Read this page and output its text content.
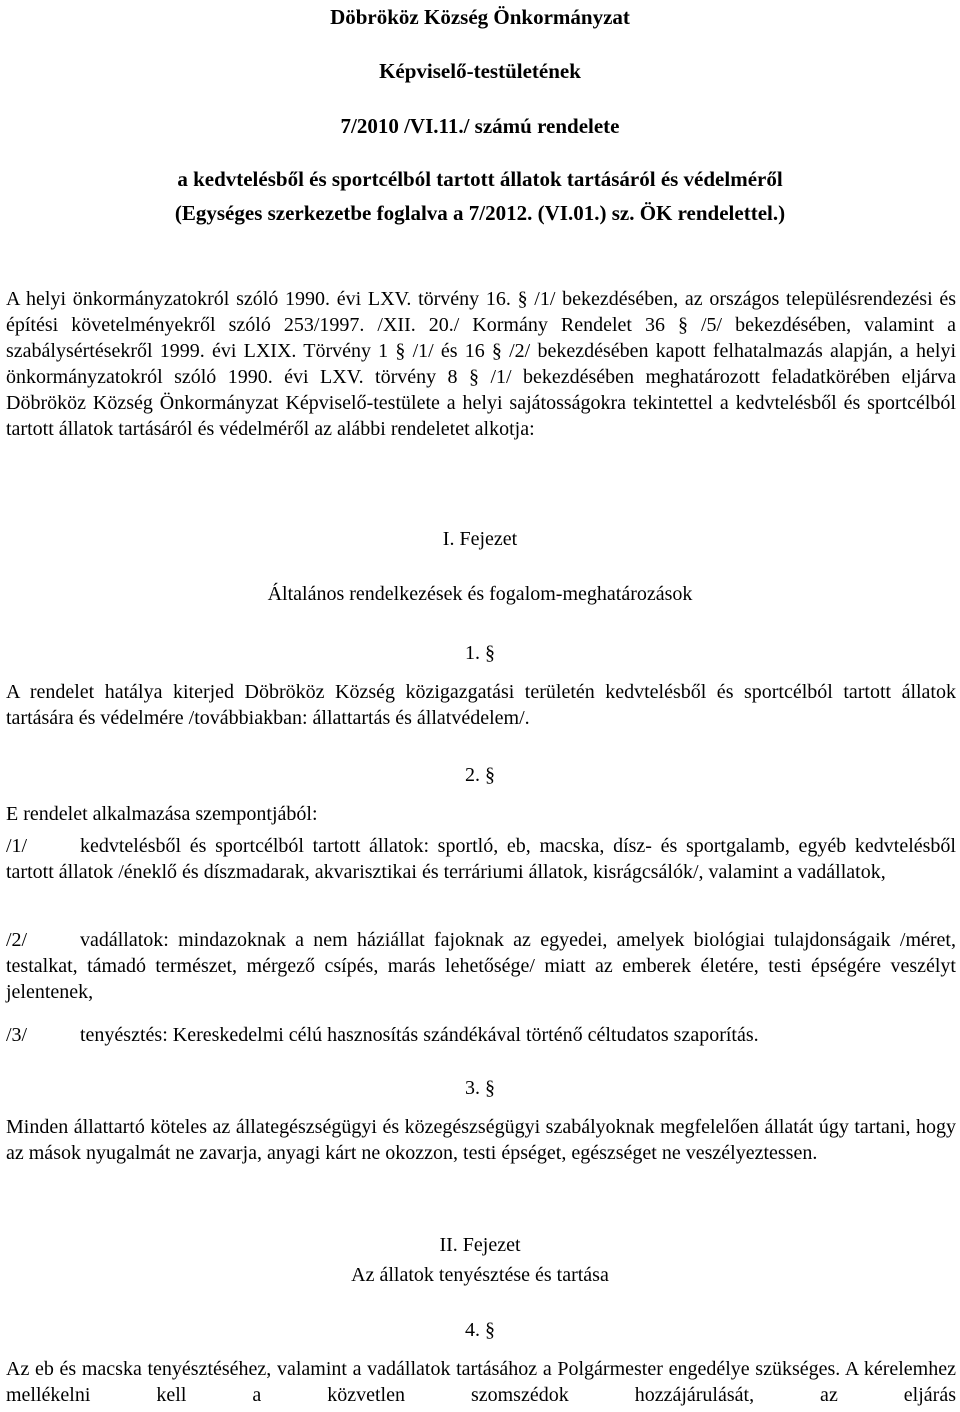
Döbrököz Község Önkormányzat
Képviselő-testületének
7/2010 /VI.11./ számú rendelete
a kedvtelésből és sportcélból tartott állatok tartásáról és védelméről
(Egységes szerkezetbe foglalva a 7/2012. (VI.01.) sz. ÖK rendelettel.)
A helyi önkormányzatokról szóló 1990. évi LXV. törvény 16. § /1/ bekezdésében, az országos településrendezési és építési követelményekről szóló 253/1997. /XII. 20./ Kormány Rendelet 36 § /5/ bekezdésében, valamint a szabálysértésekről 1999. évi LXIX. Törvény 1 § /1/ és 16 § /2/ bekezdésében kapott felhatalmazás alapján, a helyi önkormányzatokról szóló 1990. évi LXV. törvény 8 § /1/ bekezdésében meghatározott feladatkörében eljárva Döbrököz Község Önkormányzat Képviselő-testülete a helyi sajátosságokra tekintettel a kedvtelésből és sportcélból tartott állatok tartásáról és védelméről az alábbi rendeletet alkotja:
I. Fejezet
Általános rendelkezések és fogalom-meghatározások
1. §
A rendelet hatálya kiterjed Döbrököz Község közigazgatási területén kedvtelésből és sportcélból tartott állatok tartására és védelmére /továbbiakban: állattartás és állatvédelem/.
2. §
E rendelet alkalmazása szempontjából:
/1/	kedvtelésből és sportcélból tartott állatok: sportló, eb, macska, dísz- és sportgalamb, egyéb kedvtelésből tartott állatok /éneklő és díszmadarak, akvarisztikai és terráriumi állatok, kisrágcsálók/, valamint a vadállatok,
/2/	vadállatok: mindazoknak a nem háziállat fajoknak az egyedei, amelyek biológiai tulajdonságaik /méret, testalkat, támadó természet, mérgező csípés, marás lehetősége/ miatt az emberek életére, testi épségére veszélyt jelentenek,
/3/	tenyésztés: Kereskedelmi célú hasznosítás szándékával történő céltudatos szaporítás.
3. §
Minden állattartó köteles az állategészségügyi és közegészségügyi szabályoknak megfelelően állatát úgy tartani, hogy az mások nyugalmát ne zavarja, anyagi kárt ne okozzon, testi épséget, egészséget ne veszélyeztessen.
II. Fejezet
Az állatok tenyésztése és tartása
4. §
Az eb és macska tenyésztéséhez, valamint a vadállatok tartásához a Polgármester engedélye szükséges. A kérelemhez mellékelni kell a közvetlen szomszédok hozzájárulását, az eljárás
